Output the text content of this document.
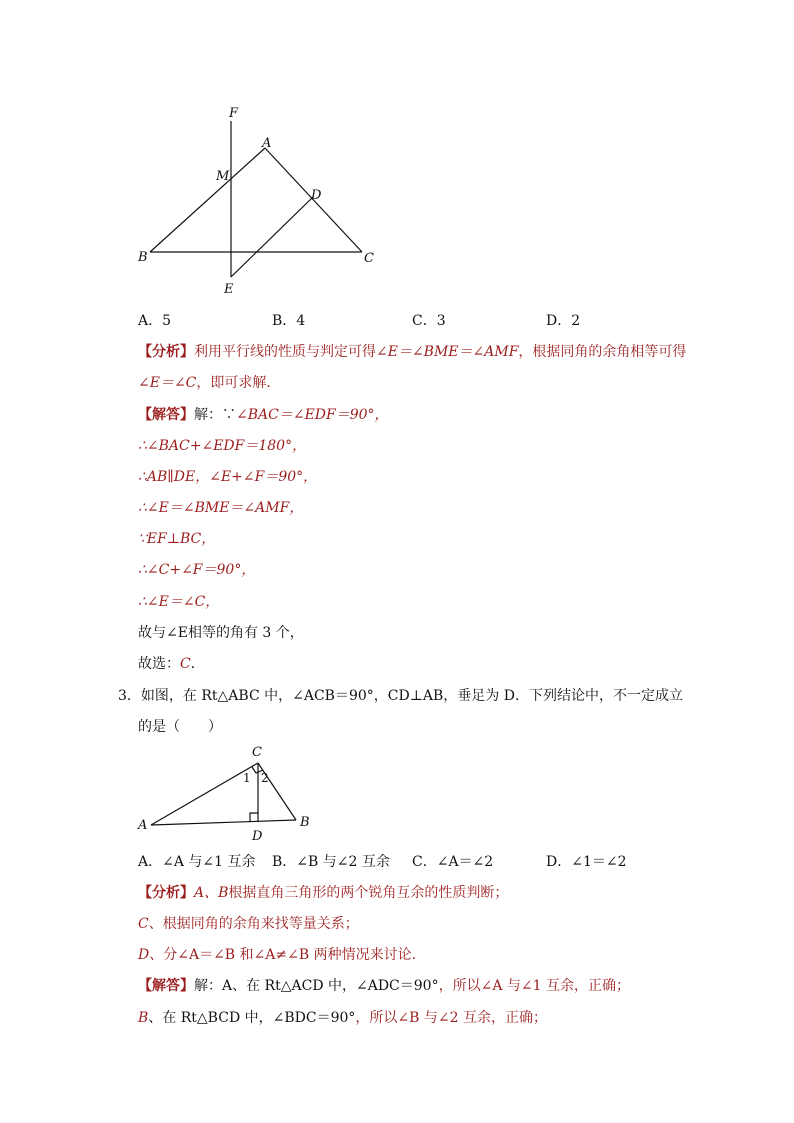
F
A
M
D
B	C
E
A．5	B．4	C．3	D．2
【分析】利用平行线的性质与判定可得∠E＝∠BME＝∠AMF，根据同角的余角相等可得
∠E＝∠C，即可求解．
【解答】解：∵∠BAC＝∠EDF＝90°，
∴∠BAC+∠EDF＝180°，
∴AB∥DE，∠E+∠F＝90°，
∴∠E＝∠BME＝∠AMF，
∵EF⊥BC，
∴∠C+∠F＝90°，
∴∠E＝∠C，
故与∠E相等的角有 3 个，
故选：C．
3．如图，在 Rt△ABC 中，∠ACB＝90°，CD⊥AB，垂足为 D．下列结论中，不一定成立
的是（　　）
C
1 2
A	B
D
A．∠A 与∠1 互余 B．∠B 与∠2 互余 C．∠A＝∠2	D．∠1＝∠2
【分析】A、B根据直角三角形的两个锐角互余的性质判断；
C、根据同角的余角来找等量关系；
D、分∠A＝∠B 和∠A≠∠B 两种情况来讨论．
【解答】解：A、在 Rt△ACD 中，∠ADC＝90°，所以∠A 与∠1 互余，正确；
B、在 Rt△BCD 中，∠BDC＝90°，所以∠B 与∠2 互余，正确；
